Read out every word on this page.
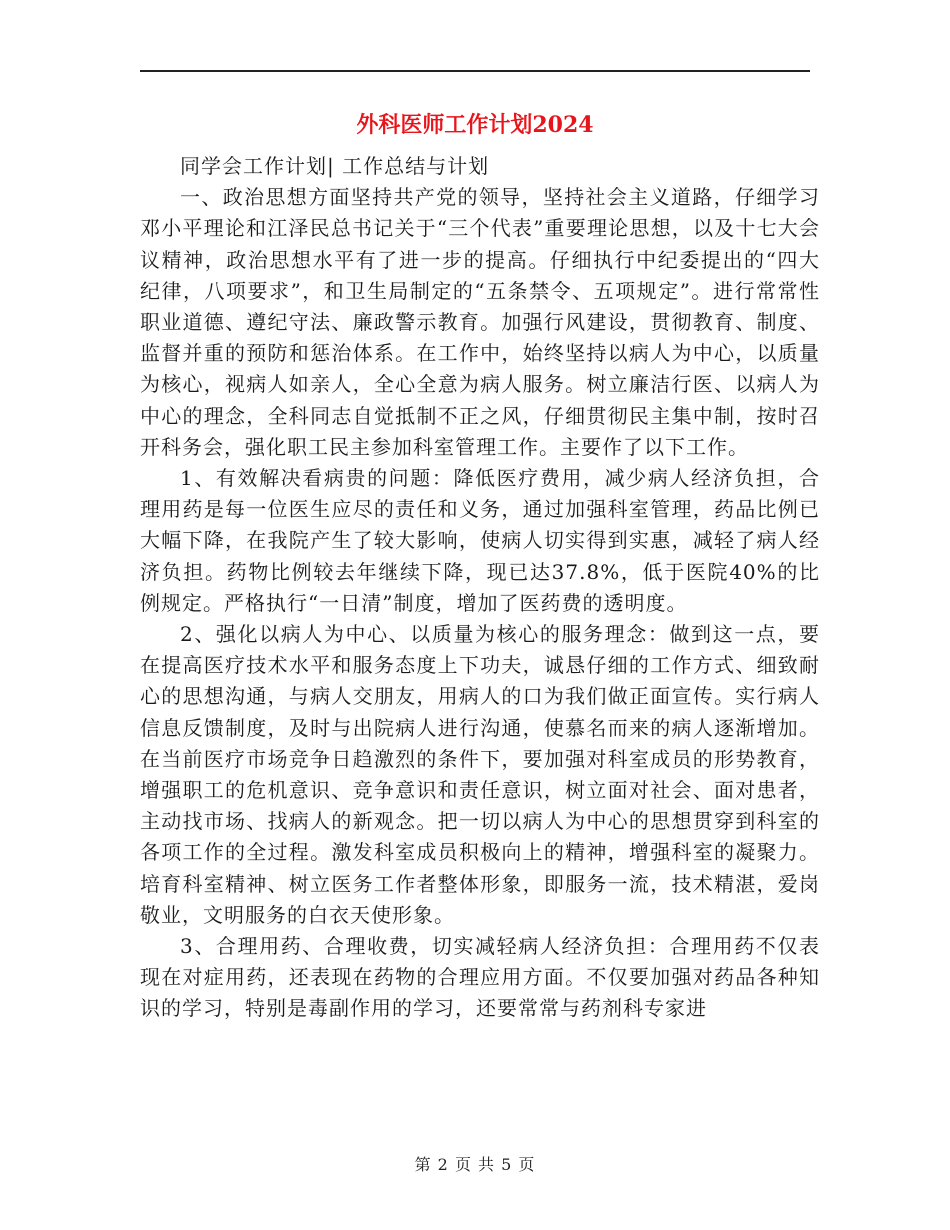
外科医师工作计划2024

同学会工作计划| 工作总结与计划

一、政治思想方面坚持共产党的领导，坚持社会主义道路，仔细学习邓小平理论和江泽民总书记关于“三个代表”重要理论思想，以及十七大会议精神，政治思想水平有了进一步的提高。仔细执行中纪委提出的“四大纪律，八项要求”，和卫生局制定的“五条禁令、五项规定”。进行常常性职业道德、遵纪守法、廉政警示教育。加强行风建设，贯彻教育、制度、监督并重的预防和惩治体系。在工作中，始终坚持以病人为中心，以质量为核心，视病人如亲人，全心全意为病人服务。树立廉洁行医、以病人为中心的理念，全科同志自觉抵制不正之风，仔细贯彻民主集中制，按时召开科务会，强化职工民主参加科室管理工作。主要作了以下工作。

1、有效解决看病贵的问题：降低医疗费用，减少病人经济负担，合理用药是每一位医生应尽的责任和义务，通过加强科室管理，药品比例已大幅下降，在我院产生了较大影响，使病人切实得到实惠，减轻了病人经济负担。药物比例较去年继续下降，现已达37.8%，低于医院40%的比例规定。严格执行“一日清”制度，增加了医药费的透明度。

2、强化以病人为中心、以质量为核心的服务理念：做到这一点，要在提高医疗技术水平和服务态度上下功夫，诚恳仔细的工作方式、细致耐心的思想沟通，与病人交朋友，用病人的口为我们做正面宣传。实行病人信息反馈制度，及时与出院病人进行沟通，使慕名而来的病人逐渐增加。在当前医疗市场竞争日趋激烈的条件下，要加强对科室成员的形势教育，增强职工的危机意识、竞争意识和责任意识，树立面对社会、面对患者，主动找市场、找病人的新观念。把一切以病人为中心的思想贯穿到科室的各项工作的全过程。激发科室成员积极向上的精神，增强科室的凝聚力。培育科室精神、树立医务工作者整体形象，即服务一流，技术精湛，爱岗敬业，文明服务的白衣天使形象。

3、合理用药、合理收费，切实减轻病人经济负担：合理用药不仅表现在对症用药，还表现在药物的合理应用方面。不仅要加强对药品各种知识的学习，特别是毒副作用的学习，还要常常与药剂科专家进

第 2 页 共 5 页
